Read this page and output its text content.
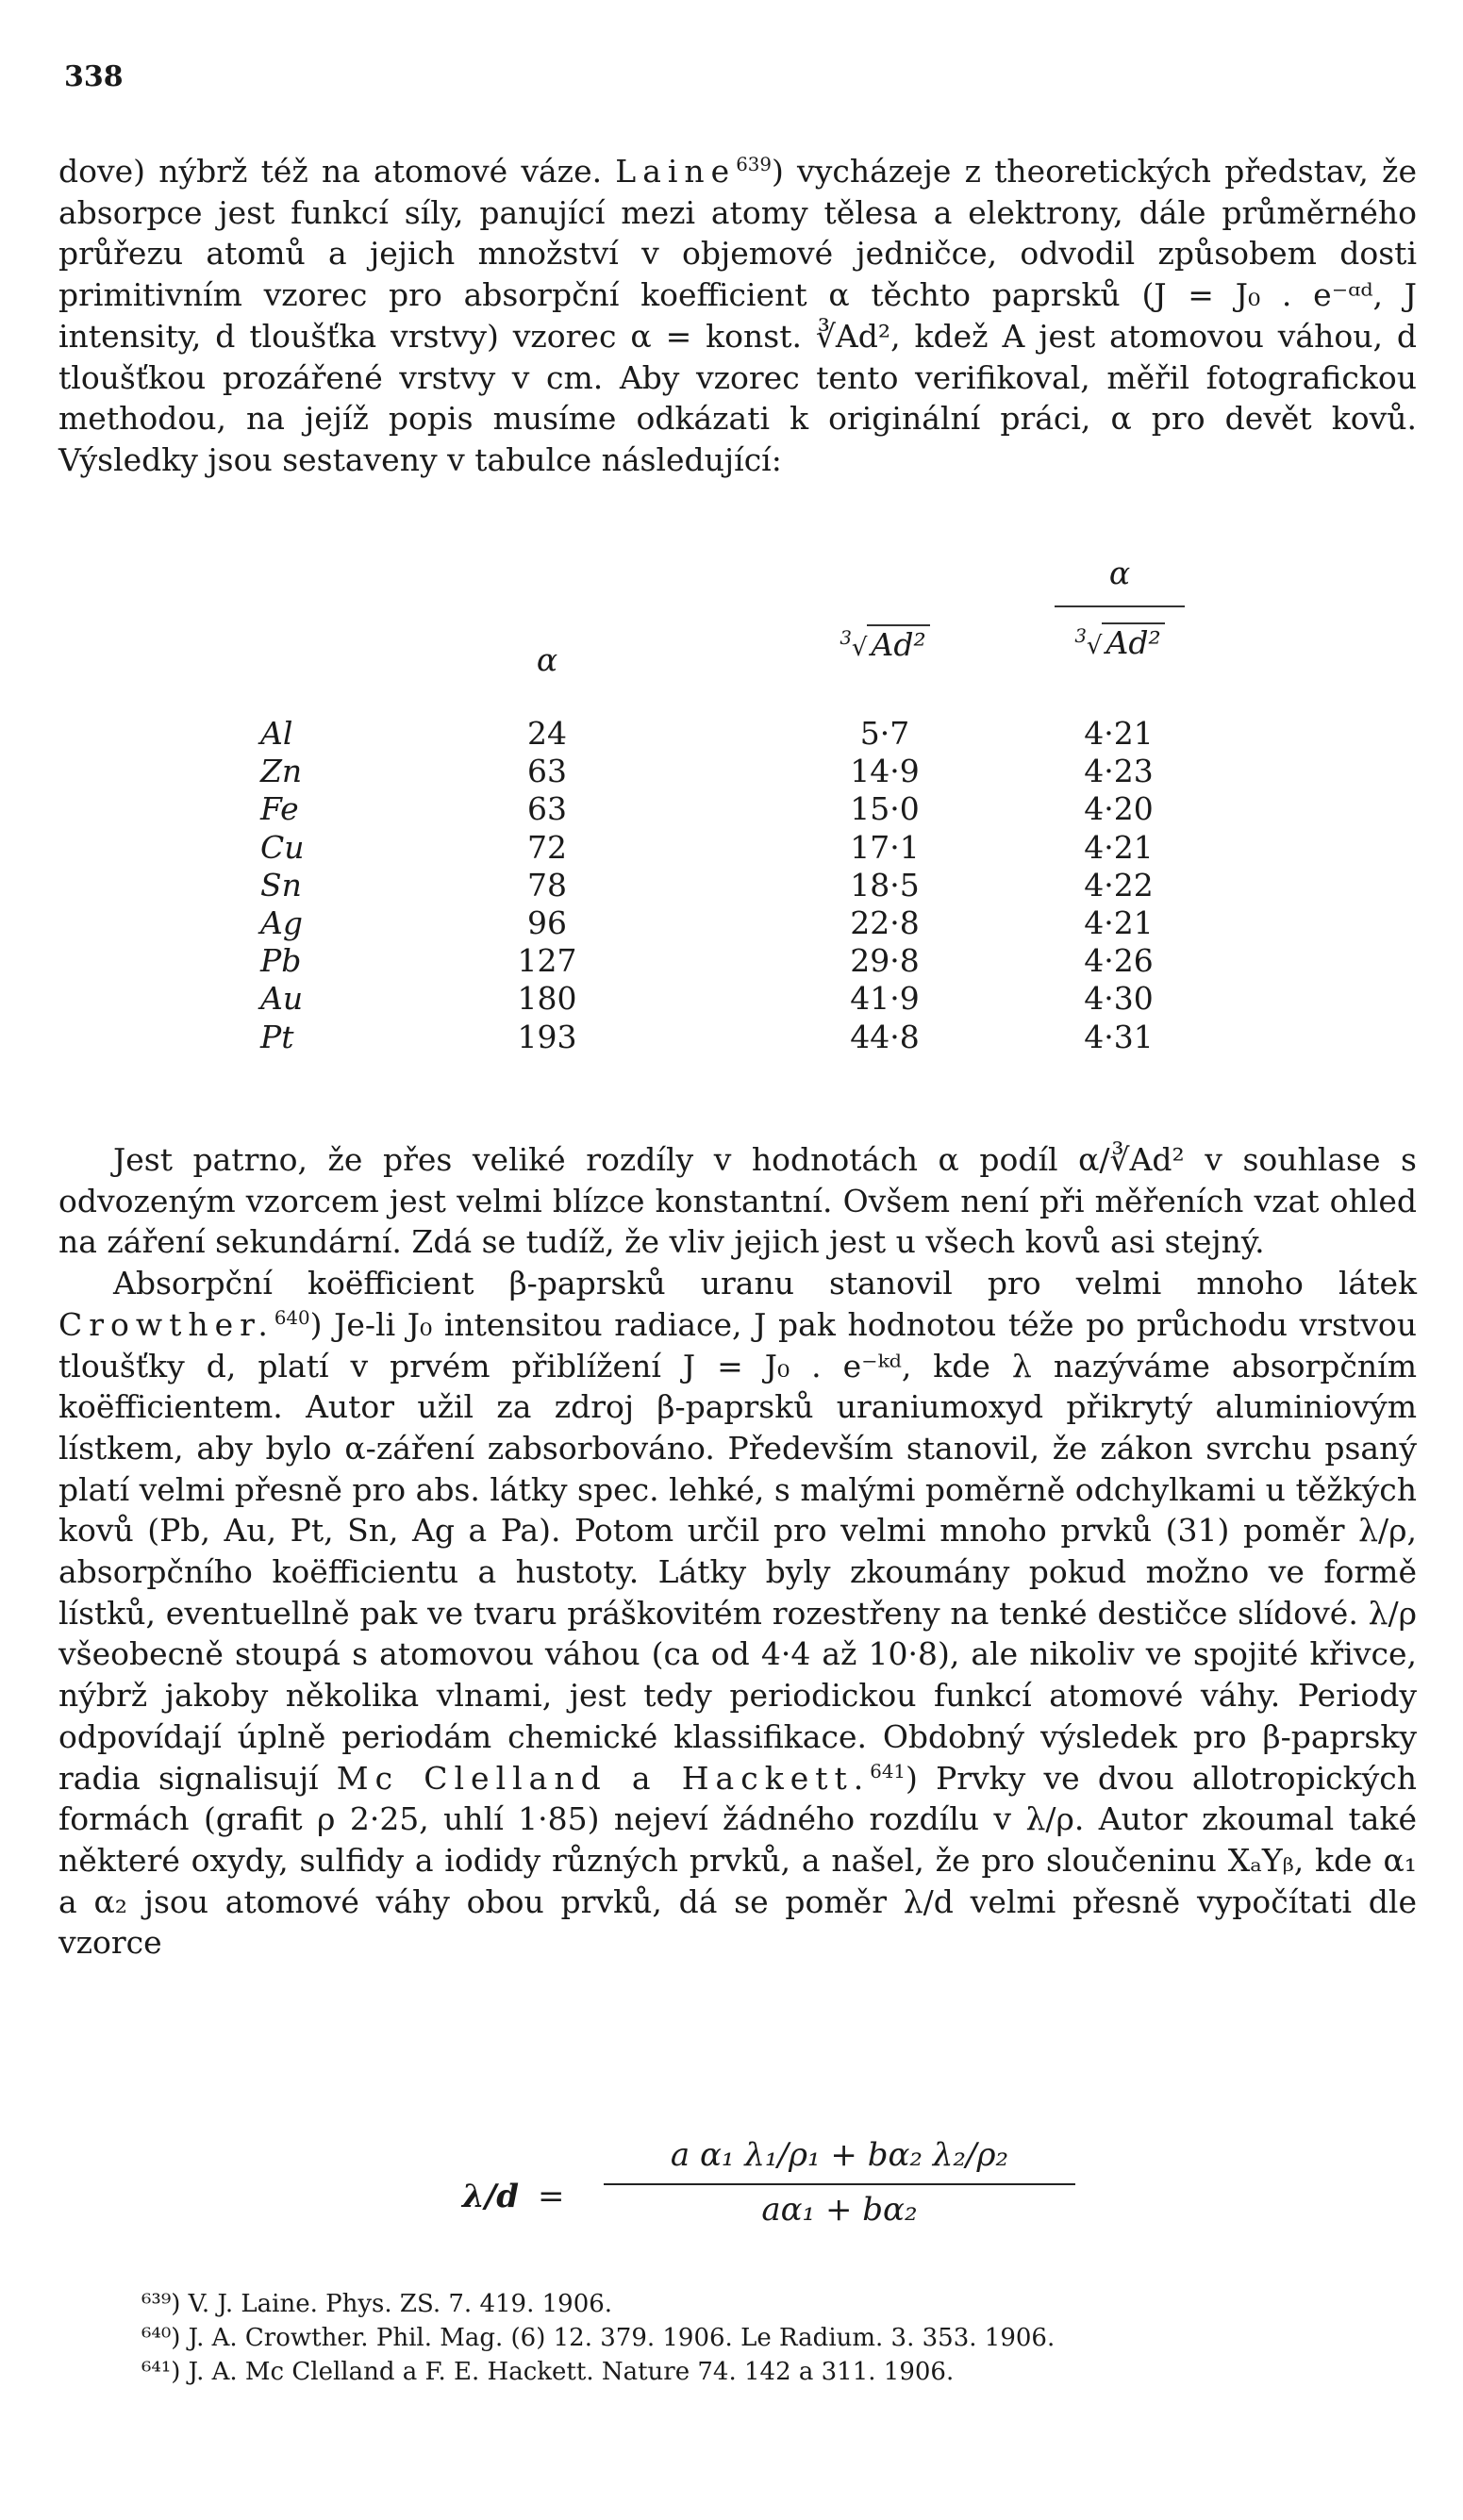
338

dove) nýbrž též na atomové váze. Laine$^{639}$) vycházeje z theoretických představ, že absorpce jest funkcí síly, panující mezi atomy tělesa a elektrony, dále průměrného průřezu atomů a jejich množství v objemové jedničce, odvodil způsobem dosti primitivním vzorec pro absorpční koefficient α těchto paprsků (J = J₀ . e⁻ᵅᵈ, J intensity, d tloušťka vrstvy) vzorec α = konst. ∛Ad², kdež A jest atomovou váhou, d tloušťkou prozářené vrstvy v cm. Aby vzorec tento verifikoval, měřil fotografickou methodou, na jejíž popis musíme odkázati k originální práci, α pro devět kovů. Výsledky jsou sestaveny v tabulce následující:

α
$^3$√ Ad²
α
$^3$√ Ad²
Al	24	5·7	4·21
Zn	63	14·9	4·23
Fe	63	15·0	4·20
Cu	72	17·1	4·21
Sn	78	18·5	4·22
Ag	96	22·8	4·21
Pb	127	29·8	4·26
Au	180	41·9	4·30
Pt	193	44·8	4·31

Jest patrno, že přes veliké rozdíly v hodnotách α podíl α/∛Ad² v souhlase s odvozeným vzorcem jest velmi blízce konstantní. Ovšem není při měřeních vzat ohled na záření sekundární. Zdá se tudíž, že vliv jejich jest u všech kovů asi stejný.

Absorpční koëfficient β-paprsků uranu stanovil pro velmi mnoho látek Crowther.$^{640}$) Je-li J₀ intensitou radiace, J pak hodnotou téže po průchodu vrstvou tloušťky d, platí v prvém přiblížení J = J₀ . e⁻ᵏᵈ, kde λ nazýváme absorpčním koëfficientem. Autor užil za zdroj β-paprsků uraniumoxyd přikrytý aluminiovým lístkem, aby bylo α-záření zabsorbováno. Především stanovil, že zákon svrchu psaný platí velmi přesně pro abs. látky spec. lehké, s malými poměrně odchylkami u těžkých kovů (Pb, Au, Pt, Sn, Ag a Pa). Potom určil pro velmi mnoho prvků (31) poměr λ/ρ, absorpčního koëfficientu a hustoty. Látky byly zkoumány pokud možno ve formě lístků, eventuellně pak ve tvaru práškovitém rozestřeny na tenké destičce slídové. λ/ρ všeobecně stoupá s atomovou váhou (ca od 4·4 až 10·8), ale nikoliv ve spojité křivce, nýbrž jakoby několika vlnami, jest tedy periodickou funkcí atomové váhy. Periody odpovídají úplně periodám chemické klassifikace. Obdobný výsledek pro β-paprsky radia signalisují Mc Clelland a Hackett.$^{641}$) Prvky ve dvou allotropických formách (grafit ρ 2·25, uhlí 1·85) nejeví žádného rozdílu v λ/ρ. Autor zkoumal také některé oxydy, sulfidy a iodidy různých prvků, a našel, že pro sloučeninu XₐYᵦ, kde α₁ a α₂ jsou atomové váhy obou prvků, dá se poměr λ/d velmi přesně vypočítati dle vzorce

λ/d =
a α₁ λ₁/ρ₁ + bα₂ λ₂/ρ₂
aα₁ + bα₂
⁶³⁹) V. J. Laine. Phys. ZS. 7. 419. 1906.
⁶⁴⁰) J. A. Crowther. Phil. Mag. (6) 12. 379. 1906. Le Radium. 3. 353. 1906.
⁶⁴¹) J. A. Mc Clelland a F. E. Hackett. Nature 74. 142 a 311. 1906.
